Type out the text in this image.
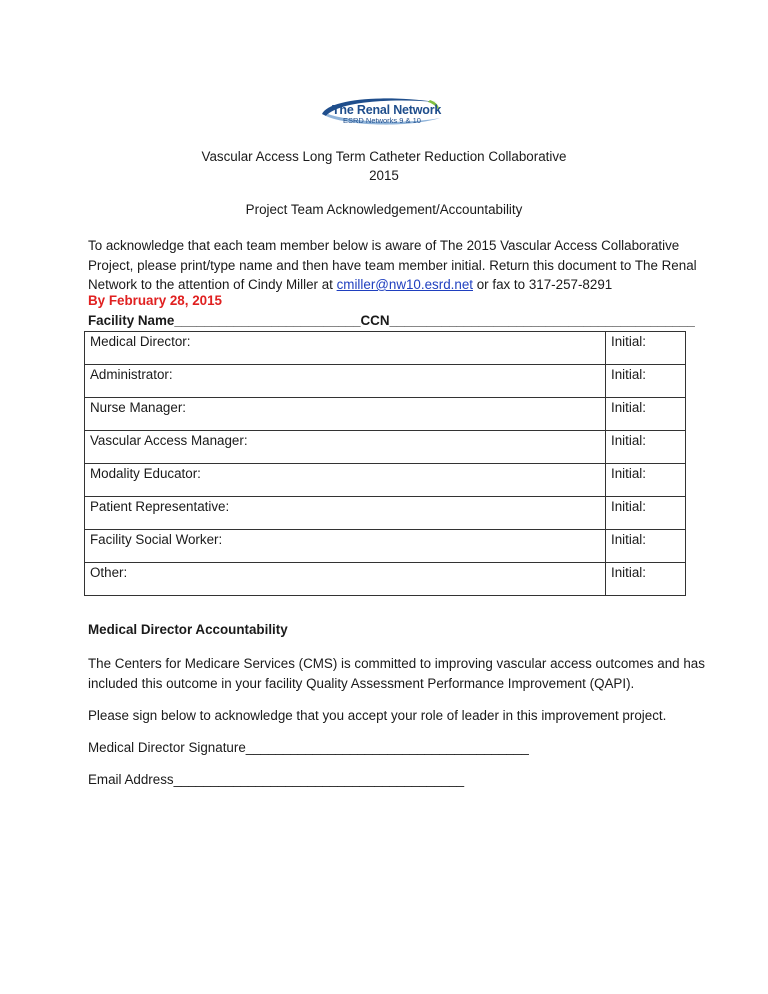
The Renal Network
ESRD Networks 9 & 10
Vascular Access Long Term Catheter Reduction Collaborative
2015
Project Team Acknowledgement/Accountability
To acknowledge that each team member below is aware of The 2015 Vascular Access Collaborative
Project, please print/type name and then have team member initial. Return this document to The Renal
Network to the attention of Cindy Miller at cmiller@nw10.esrd.net or fax to 317-257-8291
By February 28, 2015
Facility Name_________________________CCN_________________________________________
Medical Director:	Initial:
Administrator:	Initial:
Nurse Manager:	Initial:
Vascular Access Manager:	Initial:
Modality Educator:	Initial:
Patient Representative:	Initial:
Facility Social Worker:	Initial:
Other:	Initial:
Medical Director Accountability
The Centers for Medicare Services (CMS) is committed to improving vascular access outcomes and has
included this outcome in your facility Quality Assessment Performance Improvement (QAPI).
Please sign below to acknowledge that you accept your role of leader in this improvement project.
Medical Director Signature______________________________________
Email Address_______________________________________
